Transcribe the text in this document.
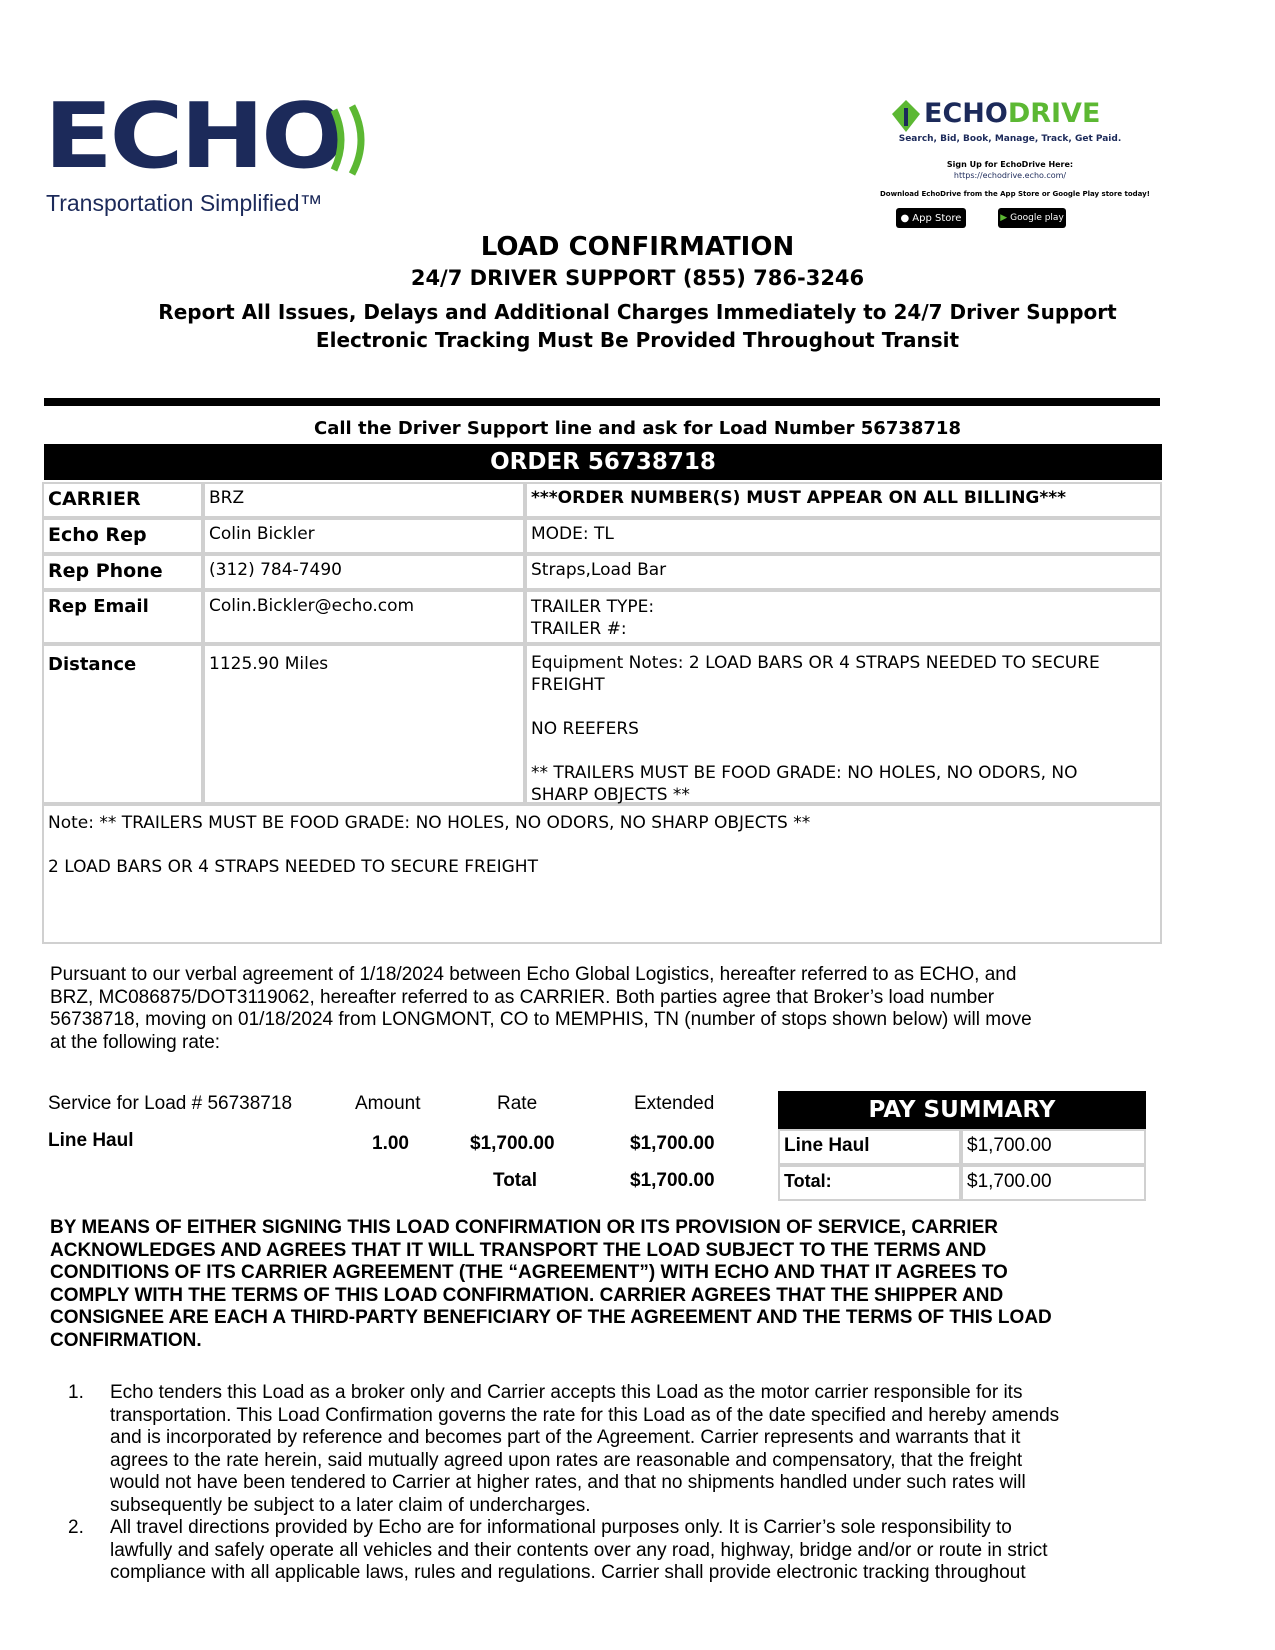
ECHO
Transportation Simplified™
ECHODRIVE
Search, Bid, Book, Manage, Track, Get Paid.
Sign Up for EchoDrive Here:
https://echodrive.echo.com/
Download EchoDrive from the App Store or Google Play store today!
● App Store	▶ Google play
LOAD CONFIRMATION
24/7 DRIVER SUPPORT (855) 786-3246
Report All Issues, Delays and Additional Charges Immediately to 24/7 Driver Support
Electronic Tracking Must Be Provided Throughout Transit
Call the Driver Support line and ask for Load Number 56738718
ORDER 56738718
CARRIER	BRZ	***ORDER NUMBER(S) MUST APPEAR ON ALL BILLING***
Echo Rep	Colin Bickler	MODE: TL
Rep Phone	(312) 784-7490	Straps,Load Bar
Rep Email	Colin.Bickler@echo.com	TRAILER TYPE:
TRAILER #:
Distance	1125.90 Miles	Equipment Notes: 2 LOAD BARS OR 4 STRAPS NEEDED TO SECURE
FREIGHT
NO REEFERS
** TRAILERS MUST BE FOOD GRADE: NO HOLES, NO ODORS, NO
SHARP OBJECTS **
Note: ** TRAILERS MUST BE FOOD GRADE: NO HOLES, NO ODORS, NO SHARP OBJECTS **
2 LOAD BARS OR 4 STRAPS NEEDED TO SECURE FREIGHT
Pursuant to our verbal agreement of 1/18/2024 between Echo Global Logistics, hereafter referred to as ECHO, and
BRZ, MC086875/DOT3119062, hereafter referred to as CARRIER. Both parties agree that Broker’s load number
56738718, moving on 01/18/2024 from LONGMONT, CO to MEMPHIS, TN (number of stops shown below) will move
at the following rate:
Service for Load # 56738718	Amount	Rate	Extended
Line Haul	1.00	$1,700.00	$1,700.00
Total	$1,700.00
PAY SUMMARY
Line Haul	$1,700.00
Total:	$1,700.00
BY MEANS OF EITHER SIGNING THIS LOAD CONFIRMATION OR ITS PROVISION OF SERVICE, CARRIER
ACKNOWLEDGES AND AGREES THAT IT WILL TRANSPORT THE LOAD SUBJECT TO THE TERMS AND
CONDITIONS OF ITS CARRIER AGREEMENT (THE “AGREEMENT”) WITH ECHO AND THAT IT AGREES TO
COMPLY WITH THE TERMS OF THIS LOAD CONFIRMATION. CARRIER AGREES THAT THE SHIPPER AND
CONSIGNEE ARE EACH A THIRD-PARTY BENEFICIARY OF THE AGREEMENT AND THE TERMS OF THIS LOAD
CONFIRMATION.
1. Echo tenders this Load as a broker only and Carrier accepts this Load as the motor carrier responsible for its
transportation. This Load Confirmation governs the rate for this Load as of the date specified and hereby amends
and is incorporated by reference and becomes part of the Agreement. Carrier represents and warrants that it
agrees to the rate herein, said mutually agreed upon rates are reasonable and compensatory, that the freight
would not have been tendered to Carrier at higher rates, and that no shipments handled under such rates will
subsequently be subject to a later claim of undercharges.
2. All travel directions provided by Echo are for informational purposes only. It is Carrier’s sole responsibility to
lawfully and safely operate all vehicles and their contents over any road, highway, bridge and/or or route in strict
compliance with all applicable laws, rules and regulations. Carrier shall provide electronic tracking throughout
